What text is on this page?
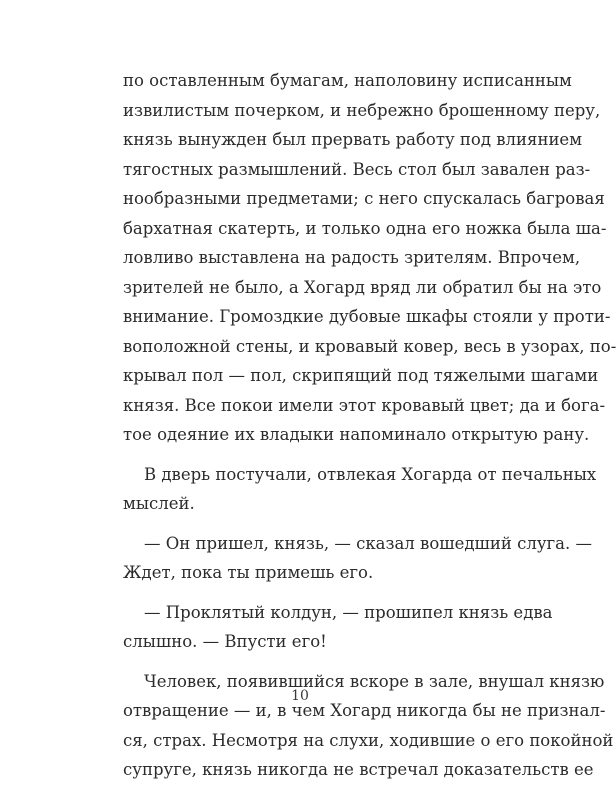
по оставленным бумагам, наполовину исписанным
извилистым почерком, и небрежно брошенному перу,
князь вынужден был прервать работу под влиянием
тягостных размышлений. Весь стол был завален раз-
нообразными предметами; с него спускалась багровая
бархатная скатерть, и только одна его ножка была ша-
ловливо выставлена на радость зрителям. Впрочем,
зрителей не было, а Хогард вряд ли обратил бы на это
внимание. Громоздкие дубовые шкафы стояли у проти-
воположной стены, и кровавый ковер, весь в узорах, по-
крывал пол — пол, скрипящий под тяжелыми шагами
князя. Все покои имели этот кровавый цвет; да и бога-
тое одеяние их владыки напоминало открытую рану.
В дверь постучали, отвлекая Хогарда от печальных
мыслей.
— Он пришел, князь, — сказал вошедший слуга. —
Ждет, пока ты примешь его.
— Проклятый колдун, — прошипел князь едва
слышно. — Впусти его!
Человек, появившийся вскоре в зале, внушал князю
отвращение — и, в чем Хогард никогда бы не признал-
ся, страх. Несмотря на слухи, ходившие о его покойной
супруге, князь никогда не встречал доказательств ее
10
